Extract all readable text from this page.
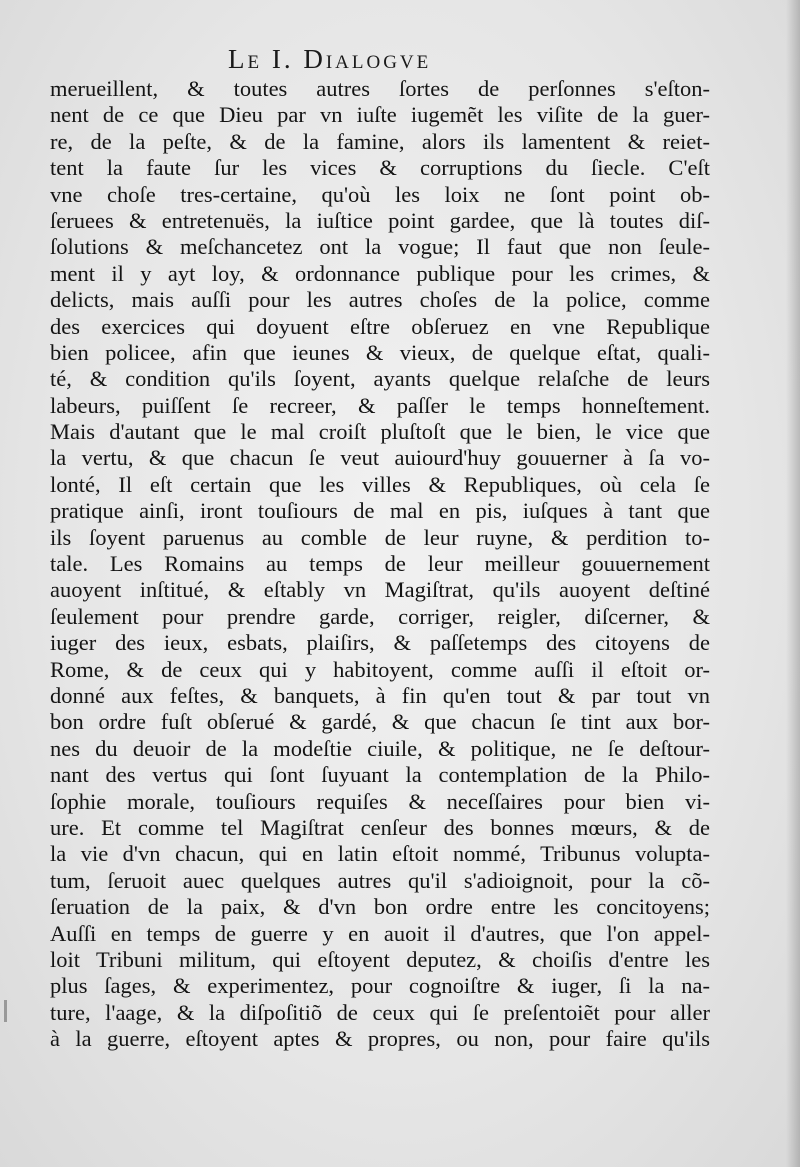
Le I. Dialogve
merueillent, & toutes autres ſortes de perſonnes s'eſton-
nent de ce que Dieu par vn iuſte iugemẽt les viſite de la guer-
re, de la peſte, & de la famine, alors ils lamentent & reiet-
tent la faute ſur les vices & corruptions du ſiecle. C'eſt
vne choſe tres-certaine, qu'où les loix ne ſont point ob-
ſeruees & entretenuës, la iuſtice point gardee, que là toutes diſ-
ſolutions & meſchancetez ont la vogue; Il faut que non ſeule-
ment il y ayt loy, & ordonnance publique pour les crimes, &
delicts, mais auſſi pour les autres choſes de la police, comme
des exercices qui doyuent eſtre obſeruez en vne Republique
bien policee, afin que ieunes & vieux, de quelque eſtat, quali-
té, & condition qu'ils ſoyent, ayants quelque relaſche de leurs
labeurs, puiſſent ſe recreer, & paſſer le temps honneſtement.
Mais d'autant que le mal croiſt pluſtoſt que le bien, le vice que
la vertu, & que chacun ſe veut auiourd'huy gouuerner à ſa vo-
lonté, Il eſt certain que les villes & Republiques, où cela ſe
pratique ainſi, iront touſiours de mal en pis, iuſques à tant que
ils ſoyent paruenus au comble de leur ruyne, & perdition to-
tale. Les Romains au temps de leur meilleur gouuernement
auoyent inſtitué, & eſtably vn Magiſtrat, qu'ils auoyent deſtiné
ſeulement pour prendre garde, corriger, reigler, diſcerner, &
iuger des ieux, esbats, plaiſirs, & paſſetemps des citoyens de
Rome, & de ceux qui y habitoyent, comme auſſi il eſtoit or-
donné aux feſtes, & banquets, à fin qu'en tout & par tout vn
bon ordre fuſt obſerué & gardé, & que chacun ſe tint aux bor-
nes du deuoir de la modeſtie ciuile, & politique, ne ſe deſtour-
nant des vertus qui ſont ſuyuant la contemplation de la Philo-
ſophie morale, touſiours requiſes & neceſſaires pour bien vi-
ure. Et comme tel Magiſtrat cenſeur des bonnes mœurs, & de
la vie d'vn chacun, qui en latin eſtoit nommé, Tribunus volupta-
tum, ſeruoit auec quelques autres qu'il s'adioignoit, pour la cõ-
ſeruation de la paix, & d'vn bon ordre entre les concitoyens;
Auſſi en temps de guerre y en auoit il d'autres, que l'on appel-
loit Tribuni militum, qui eſtoyent deputez, & choiſis d'entre les
plus ſages, & experimentez, pour cognoiſtre & iuger, ſi la na-
ture, l'aage, & la diſpoſitiõ de ceux qui ſe preſentoiẽt pour aller
à la guerre, eſtoyent aptes & propres, ou non, pour faire qu'ils
